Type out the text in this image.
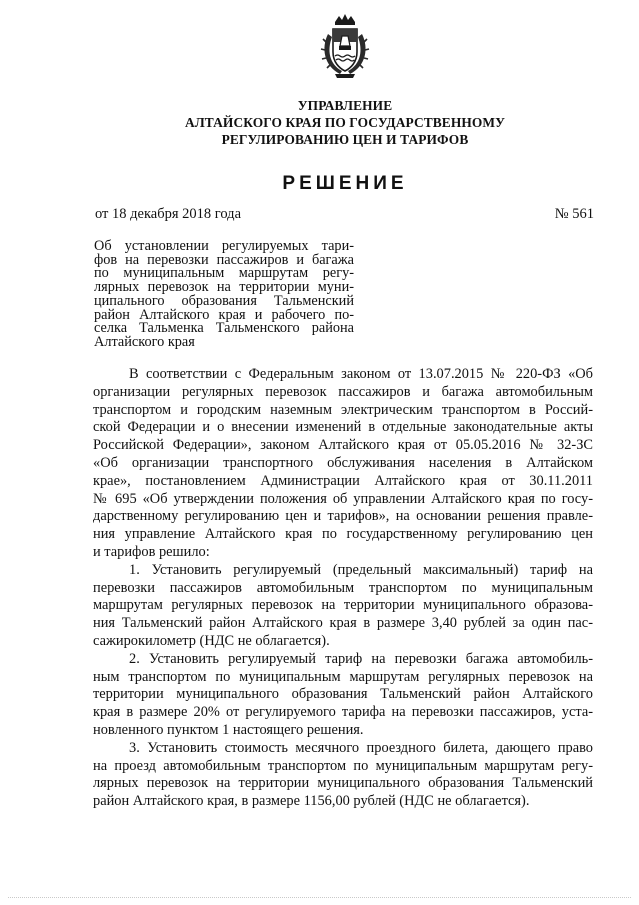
УПРАВЛЕНИЕ
АЛТАЙСКОГО КРАЯ ПО ГОСУДАРСТВЕННОМУ
РЕГУЛИРОВАНИЮ ЦЕН И ТАРИФОВ
РЕШЕНИЕ
от 18 декабря 2018 года	№ 561
Об установлении регулируемых тари-
фов на перевозки пассажиров и багажа
по муниципальным маршрутам регу-
лярных перевозок на территории муни-
ципального образования Тальменский
район Алтайского края и рабочего по-
селка Тальменка Тальменского района
Алтайского края
В соответствии с Федеральным законом от 13.07.2015 № 220-ФЗ «Об
организации регулярных перевозок пассажиров и багажа автомобильным
транспортом и городским наземным электрическим транспортом в Россий-
ской Федерации и о внесении изменений в отдельные законодательные акты
Российской Федерации», законом Алтайского края от 05.05.2016 № 32-ЗС
«Об организации транспортного обслуживания населения в Алтайском
крае», постановлением Администрации Алтайского края от 30.11.2011
№ 695 «Об утверждении положения об управлении Алтайского края по госу-
дарственному регулированию цен и тарифов», на основании решения правле-
ния управление Алтайского края по государственному регулированию цен
и тарифов решило:
1. Установить регулируемый (предельный максимальный) тариф на
перевозки пассажиров автомобильным транспортом по муниципальным
маршрутам регулярных перевозок на территории муниципального образова-
ния Тальменский район Алтайского края в размере 3,40 рублей за один пас-
сажирокилометр (НДС не облагается).
2. Установить регулируемый тариф на перевозки багажа автомобиль-
ным транспортом по муниципальным маршрутам регулярных перевозок на
территории муниципального образования Тальменский район Алтайского
края в размере 20% от регулируемого тарифа на перевозки пассажиров, уста-
новленного пунктом 1 настоящего решения.
3. Установить стоимость месячного проездного билета, дающего право
на проезд автомобильным транспортом по муниципальным маршрутам регу-
лярных перевозок на территории муниципального образования Тальменский
район Алтайского края, в размере 1156,00 рублей (НДС не облагается).
